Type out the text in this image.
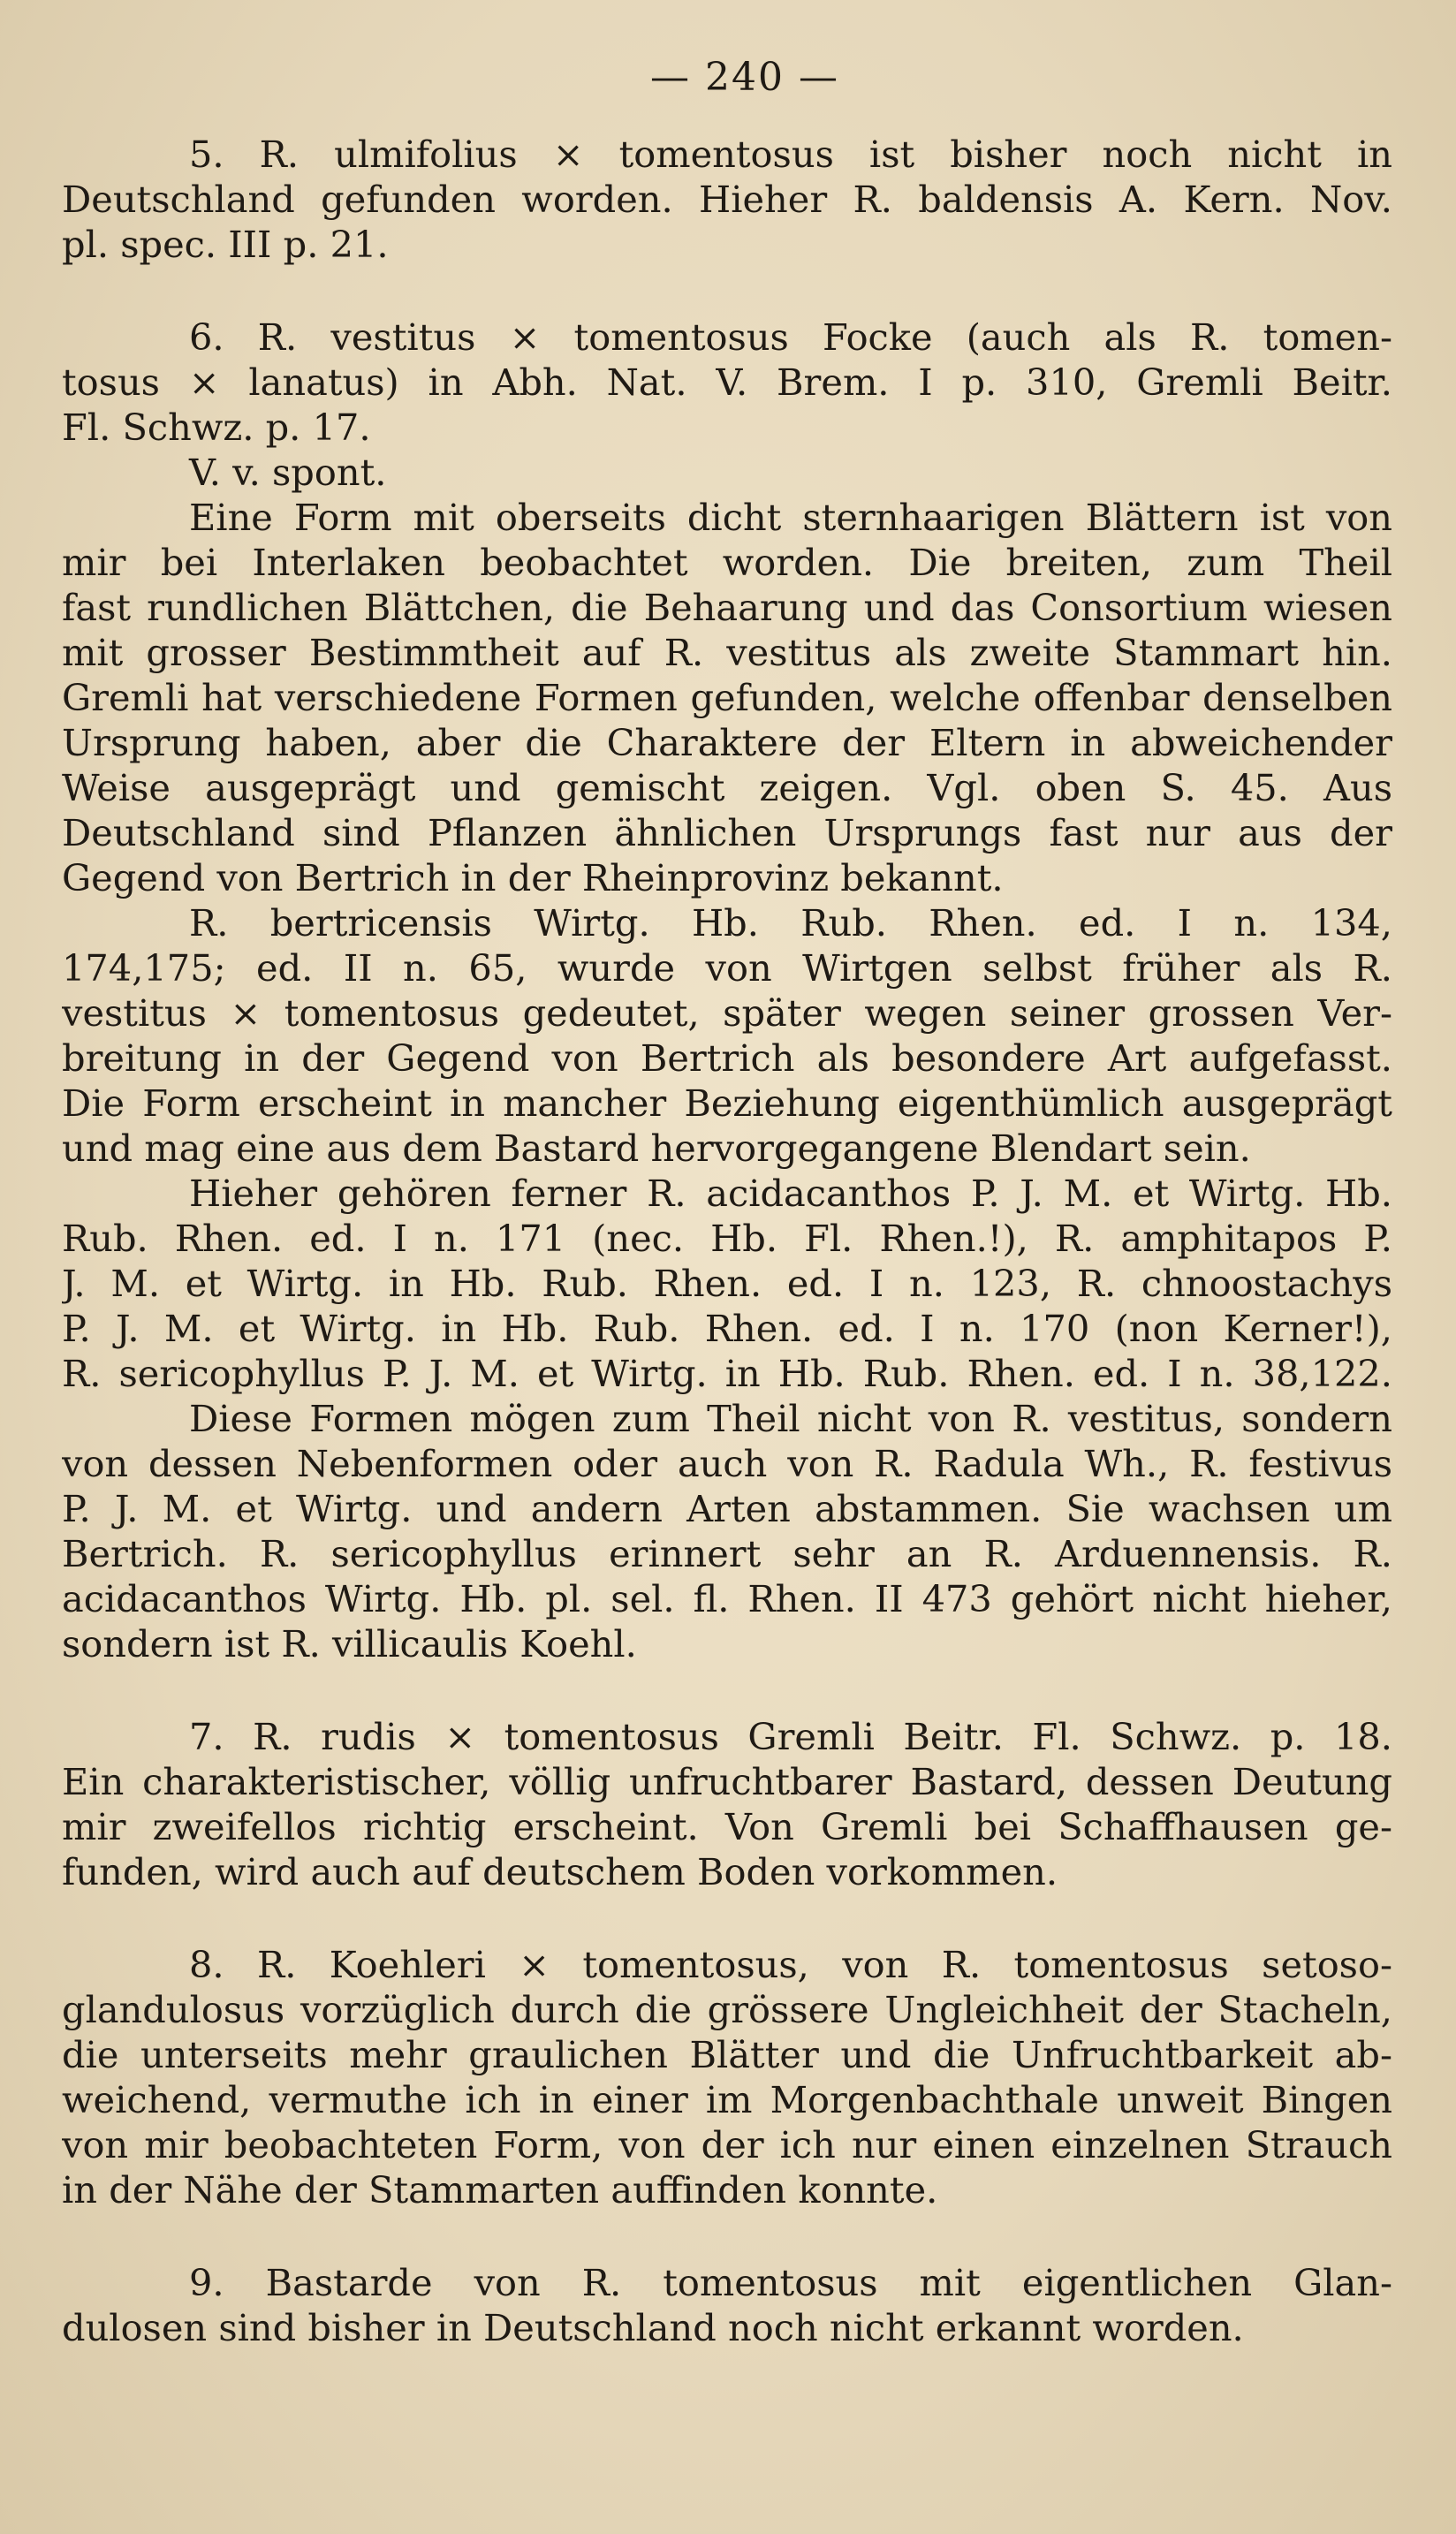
— 240 —
5. R. ulmifolius × tomentosus ist bisher noch nicht in
Deutschland gefunden worden. Hieher R. baldensis A. Kern. Nov.
pl. spec. III p. 21.
6. R. vestitus × tomentosus Focke (auch als R. tomen-
tosus × lanatus) in Abh. Nat. V. Brem. I p. 310, Gremli Beitr.
Fl. Schwz. p. 17.
V. v. spont.
Eine Form mit oberseits dicht sternhaarigen Blättern ist von
mir bei Interlaken beobachtet worden. Die breiten, zum Theil
fast rundlichen Blättchen, die Behaarung und das Consortium wiesen
mit grosser Bestimmtheit auf R. vestitus als zweite Stammart hin.
Gremli hat verschiedene Formen gefunden, welche offenbar denselben
Ursprung haben, aber die Charaktere der Eltern in abweichender
Weise ausgeprägt und gemischt zeigen. Vgl. oben S. 45. Aus
Deutschland sind Pflanzen ähnlichen Ursprungs fast nur aus der
Gegend von Bertrich in der Rheinprovinz bekannt.
R. bertricensis Wirtg. Hb. Rub. Rhen. ed. I n. 134,
174,175; ed. II n. 65, wurde von Wirtgen selbst früher als R.
vestitus × tomentosus gedeutet, später wegen seiner grossen Ver-
breitung in der Gegend von Bertrich als besondere Art aufgefasst.
Die Form erscheint in mancher Beziehung eigenthümlich ausgeprägt
und mag eine aus dem Bastard hervorgegangene Blendart sein.
Hieher gehören ferner R. acidacanthos P. J. M. et Wirtg. Hb.
Rub. Rhen. ed. I n. 171 (nec. Hb. Fl. Rhen.!), R. amphitapos P.
J. M. et Wirtg. in Hb. Rub. Rhen. ed. I n. 123, R. chnoostachys
P. J. M. et Wirtg. in Hb. Rub. Rhen. ed. I n. 170 (non Kerner!),
R. sericophyllus P. J. M. et Wirtg. in Hb. Rub. Rhen. ed. I n. 38,122.
Diese Formen mögen zum Theil nicht von R. vestitus, sondern
von dessen Nebenformen oder auch von R. Radula Wh., R. festivus
P. J. M. et Wirtg. und andern Arten abstammen. Sie wachsen um
Bertrich. R. sericophyllus erinnert sehr an R. Arduennensis. R.
acidacanthos Wirtg. Hb. pl. sel. fl. Rhen. II 473 gehört nicht hieher,
sondern ist R. villicaulis Koehl.
7. R. rudis × tomentosus Gremli Beitr. Fl. Schwz. p. 18.
Ein charakteristischer, völlig unfruchtbarer Bastard, dessen Deutung
mir zweifellos richtig erscheint. Von Gremli bei Schaffhausen ge-
funden, wird auch auf deutschem Boden vorkommen.
8. R. Koehleri × tomentosus, von R. tomentosus setoso-
glandulosus vorzüglich durch die grössere Ungleichheit der Stacheln,
die unterseits mehr graulichen Blätter und die Unfruchtbarkeit ab-
weichend, vermuthe ich in einer im Morgenbachthale unweit Bingen
von mir beobachteten Form, von der ich nur einen einzelnen Strauch
in der Nähe der Stammarten auffinden konnte.
9. Bastarde von R. tomentosus mit eigentlichen Glan-
dulosen sind bisher in Deutschland noch nicht erkannt worden.
